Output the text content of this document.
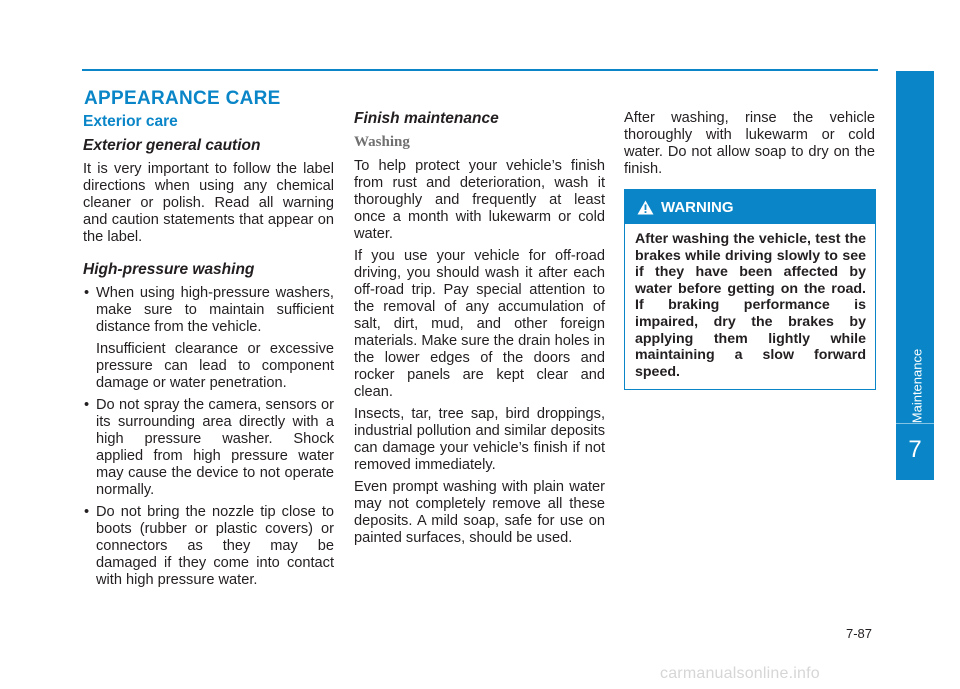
APPEARANCE CARE
Exterior care
Exterior general caution

It is very important to follow the label directions when using any chemical cleaner or polish. Read all warning and caution statements that appear on the label.

High-pressure washing
• When using high-pressure washers, make sure to maintain sufficient distance from the vehicle.

Insufficient clearance or excessive pressure can lead to component damage or water penetration.

• Do not spray the camera, sensors or its surrounding area directly with a high pressure washer. Shock applied from high pressure water may cause the device to not operate normally.
• Do not bring the nozzle tip close to boots (rubber or plastic covers) or connectors as they may be damaged if they come into contact with high pressure water.
Finish maintenance
Washing

To help protect your vehicle’s finish from rust and deterioration, wash it thoroughly and frequently at least once a month with lukewarm or cold water.

If you use your vehicle for off-road driving, you should wash it after each off-road trip. Pay special attention to the removal of any accumulation of salt, dirt, mud, and other foreign materials. Make sure the drain holes in the lower edges of the doors and rocker panels are kept clear and clean.

Insects, tar, tree sap, bird droppings, industrial pollution and similar deposits can damage your vehicle’s finish if not removed immediately.

Even prompt washing with plain water may not completely remove all these deposits. A mild soap, safe for use on painted surfaces, should be used.

After washing, rinse the vehicle thoroughly with lukewarm or cold water. Do not allow soap to dry on the finish.

WARNING
After washing the vehicle, test the brakes while driving slowly to see if they have been affected by water before getting on the road. If braking performance is impaired, dry the brakes by applying them lightly while maintaining a slow forward speed.	Maintenance
7
7-87
carmanualsonline.info
